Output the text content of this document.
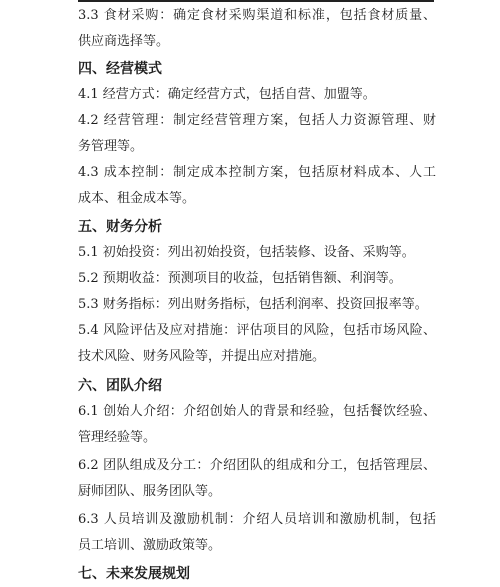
3.3 食材采购：确定食材采购渠道和标准，包括食材质量、
供应商选择等。
四、经营模式
4.1 经营方式：确定经营方式，包括自营、加盟等。
4.2 经营管理：制定经营管理方案，包括人力资源管理、财
务管理等。
4.3 成本控制：制定成本控制方案，包括原材料成本、人工
成本、租金成本等。
五、财务分析
5.1 初始投资：列出初始投资，包括装修、设备、采购等。
5.2 预期收益：预测项目的收益，包括销售额、利润等。
5.3 财务指标：列出财务指标，包括利润率、投资回报率等。
5.4 风险评估及应对措施：评估项目的风险，包括市场风险、
技术风险、财务风险等，并提出应对措施。
六、团队介绍
6.1 创始人介绍：介绍创始人的背景和经验，包括餐饮经验、
管理经验等。
6.2 团队组成及分工：介绍团队的组成和分工，包括管理层、
厨师团队、服务团队等。
6.3 人员培训及激励机制：介绍人员培训和激励机制，包括
员工培训、激励政策等。
七、未来发展规划
